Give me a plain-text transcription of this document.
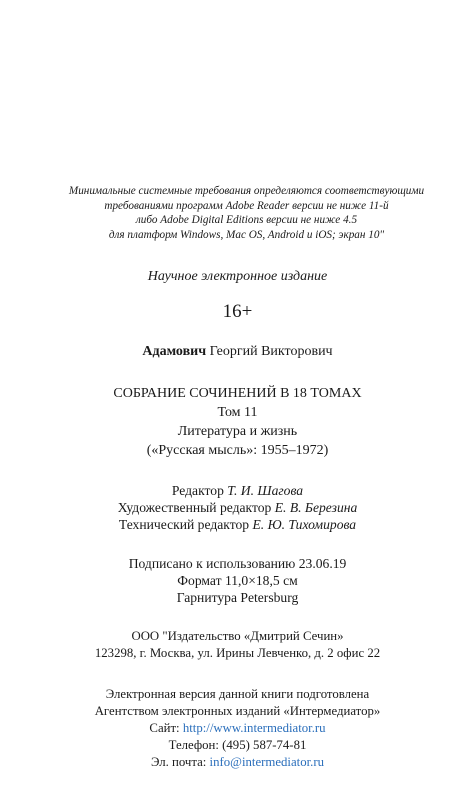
Минимальные системные требования определяются соответствующими
требованиями программ Adobe Reader версии не ниже 11-й
либо Adobe Digital Editions версии не ниже 4.5
для платформ Windows, Mac OS, Android и iOS; экран 10"
Научное электронное издание
16+
Адамович Георгий Викторович
СОБРАНИЕ СОЧИНЕНИЙ В 18 ТОМАХ
Том 11
Литература и жизнь
(«Русская мысль»: 1955–1972)
Редактор Т. И. Шагова
Художественный редактор Е. В. Березина
Технический редактор Е. Ю. Тихомирова
Подписано к использованию 23.06.19
Формат 11,0×18,5 см
Гарнитура Petersburg
ООО "Издательство «Дмитрий Сечин»
123298, г. Москва, ул. Ирины Левченко, д. 2 офис 22
Электронная версия данной книги подготовлена
Агентством электронных изданий «Интермедиатор»
Сайт: http://www.intermediator.ru
Телефон: (495) 587-74-81
Эл. почта: info@intermediator.ru
